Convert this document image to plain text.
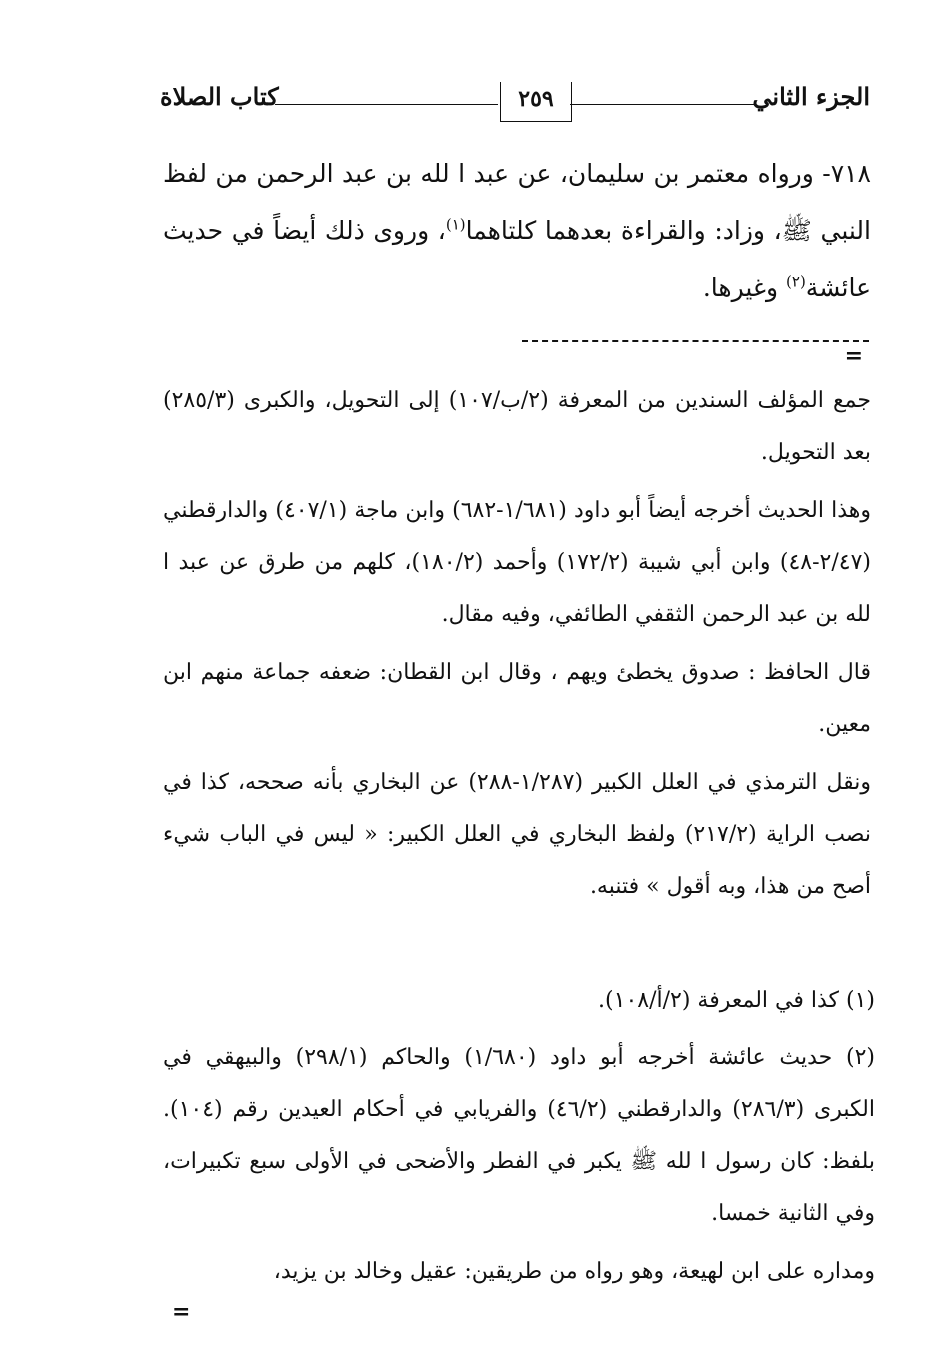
الجزء الثاني
٢٥٩
كتاب الصلاة

٧١٨- ورواه معتمر بن سليمان، عن عبد ا لله بن عبد الرحمن من لفظ النبي ﷺ، وزاد: والقراءة بعدهما كلتاهما$^{(١)}$، وروى ذلك أيضاً في حديث عائشة$^{(٢)}$ وغيرها.

=

جمع المؤلف السندين من المعرفة (٢/ب/١٠٧) إلى التحويل، والكبرى (٢٨٥/٣) بعد التحويل.

وهذا الحديث أخرجه أيضاً أبو داود (١/٦٨١-٦٨٢) وابن ماجة (٤٠٧/١) والدارقطني (٢/٤٧-٤٨) وابن أبي شيبة (١٧٢/٢) وأحمد (١٨٠/٢)، كلهم من طرق عن عبد ا لله بن عبد الرحمن الثقفي الطائفي، وفيه مقال.

قال الحافظ : صدوق يخطئ ويهم ، وقال ابن القطان: ضعفه جماعة منهم ابن معين.

ونقل الترمذي في العلل الكبير (١/٢٨٧-٢٨٨) عن البخاري بأنه صححه، كذا في نصب الراية (٢١٧/٢) ولفظ البخاري في العلل الكبير: « ليس في الباب شيء أصح من هذا، وبه أقول » فتنبه.

(١) كذا في المعرفة (٢/أ/١٠٨).

(٢) حديث عائشة أخرجه أبو داود (١/٦٨٠) والحاكم (٢٩٨/١) والبيهقي في الكبرى (٢٨٦/٣) والدارقطني (٤٦/٢) والفريابي في أحكام العيدين رقم (١٠٤). بلفظ: كان رسول ا لله ﷺ يكبر في الفطر والأضحى في الأولى سبع تكبيرات، وفي الثانية خمسا.

ومداره على ابن لهيعة، وهو رواه من طريقين: عقيل وخالد بن يزيد،

=
